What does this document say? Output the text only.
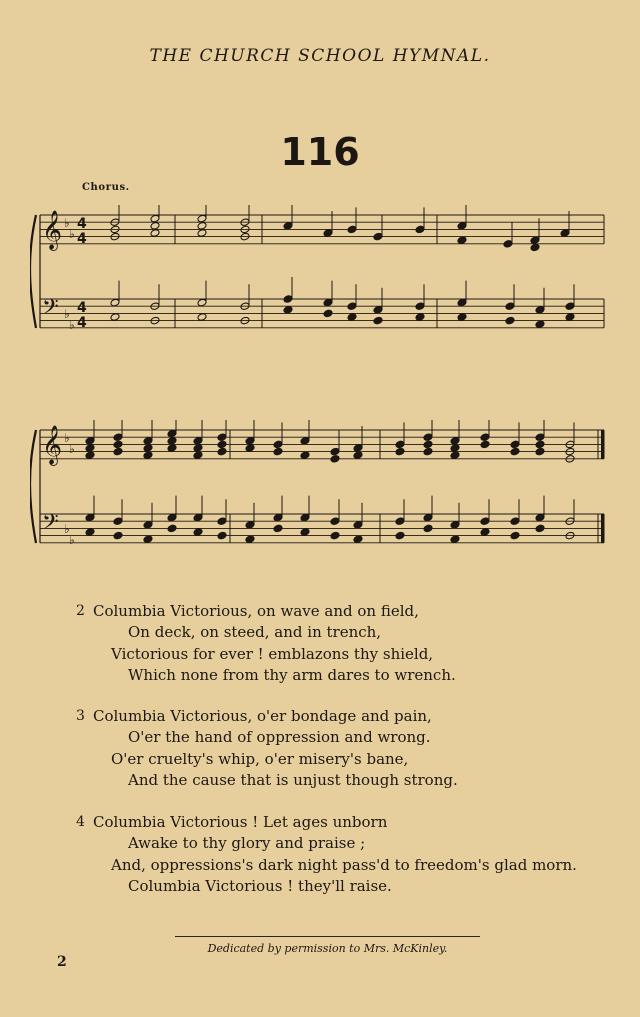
THE CHURCH SCHOOL HYMNAL.
116
Chorus.
𝄞 ♭
♭
4
4
𝄢 ♭
♭
4
4
𝄞 ♭
♭
𝄢 ♭
♭
2 Columbia Victorious, on wave and on field,
On deck, on steed, and in trench,
Victorious for ever ! emblazons thy shield,
Which none from thy arm dares to wrench.
3 Columbia Victorious, o'er bondage and pain,
O'er the hand of oppression and wrong.
O'er cruelty's whip, o'er misery's bane,
And the cause that is unjust though strong.
4 Columbia Victorious ! Let ages unborn
Awake to thy glory and praise ;
And, oppressions's dark night pass'd to freedom's glad morn.
Columbia Victorious ! they'll raise.
Dedicated by permission to Mrs. McKinley.
2
